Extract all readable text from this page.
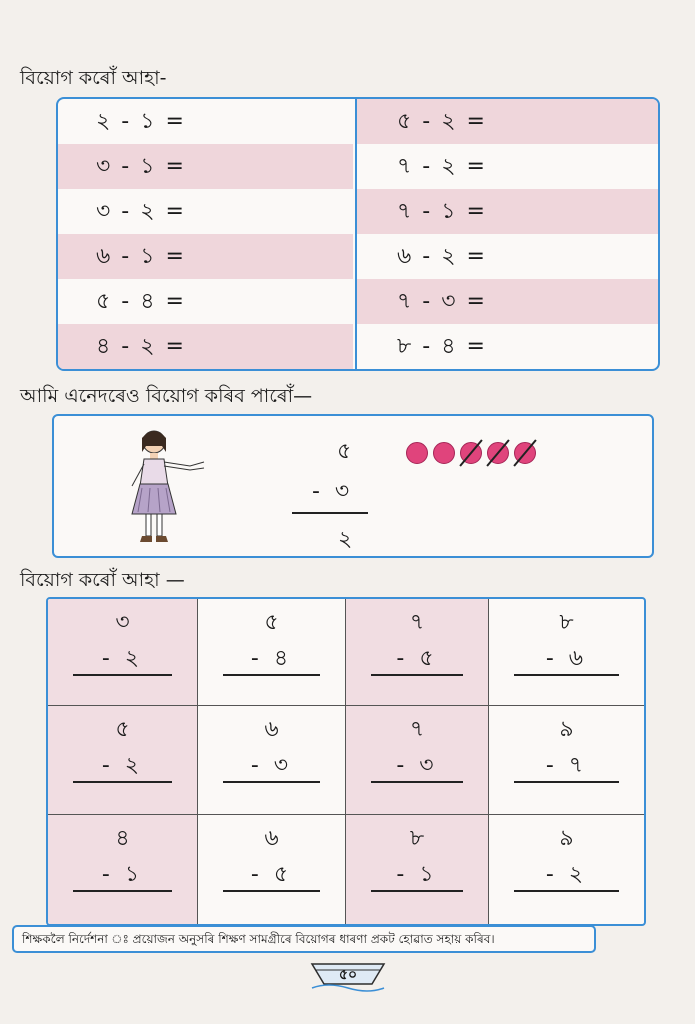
বিয়োগ কৰোঁ আহা-
২ - ১ =
৩ - ১ =
৩ - ২ =
৬ - ১ =
৫ - ৪ =
৪ - ২ =
৫ - ২ =
৭ - ২ =
৭ - ১ =
৬ - ২ =
৭ - ৩ =
৮ - ৪ =
আমি এনেদৰেও বিয়োগ কৰিব পাৰোঁ—
৫
- ৩
২
বিয়োগ কৰোঁ আহা —
৩
- ২
৫
- ৪
৭
- ৫
৮
- ৬
৫
- ২
৬
- ৩
৭
- ৩
৯
- ৭
৪
- ১
৬
- ৫
৮
- ১
৯
- ২
শিক্ষকলৈ নিৰ্দেশনা ঃ প্ৰয়োজন অনুসৰি শিক্ষণ সামগ্ৰীৰে বিয়োগৰ ধাৰণা প্ৰকট হোৱাত সহায় কৰিব।
৫০
